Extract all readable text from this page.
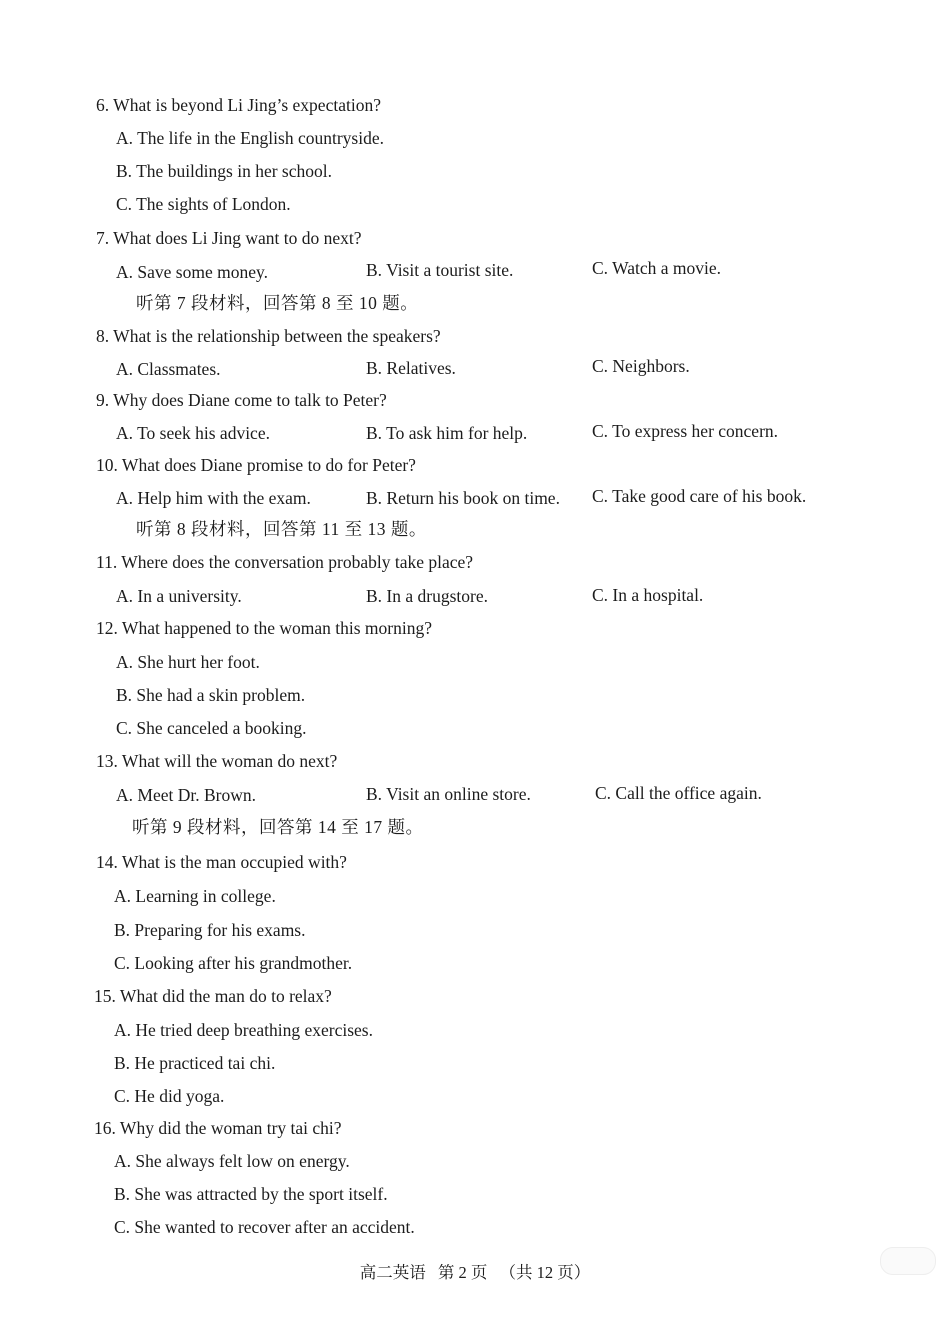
6. What is beyond Li Jing’s expectation?
A. The life in the English countryside.
B. The buildings in her school.
C. The sights of London.
7. What does Li Jing want to do next?
A. Save some money.	B. Visit a tourist site.	C. Watch a movie.
听第 7 段材料，回答第 8 至 10 题。
8. What is the relationship between the speakers?
A. Classmates.	B. Relatives.	C. Neighbors.
9. Why does Diane come to talk to Peter?
A. To seek his advice.	B. To ask him for help.	C. To express her concern.
10. What does Diane promise to do for Peter?
A. Help him with the exam.	B. Return his book on time. C. Take good care of his book.
听第 8 段材料，回答第 11 至 13 题。
11. Where does the conversation probably take place?
A. In a university.	B. In a drugstore.	C. In a hospital.
12. What happened to the woman this morning?
A. She hurt her foot.
B. She had a skin problem.
C. She canceled a booking.
13. What will the woman do next?
A. Meet Dr. Brown.	B. Visit an online store.	C. Call the office again.
听第 9 段材料，回答第 14 至 17 题。
14. What is the man occupied with?
A. Learning in college.
B. Preparing for his exams.
C. Looking after his grandmother.
15. What did the man do to relax?
A. He tried deep breathing exercises.
B. He practiced tai chi.
C. He did yoga.
16. Why did the woman try tai chi?
A. She always felt low on energy.
B. She was attracted by the sport itself.
C. She wanted to recover after an accident.
高二英语 第 2 页 （共 12 页）
